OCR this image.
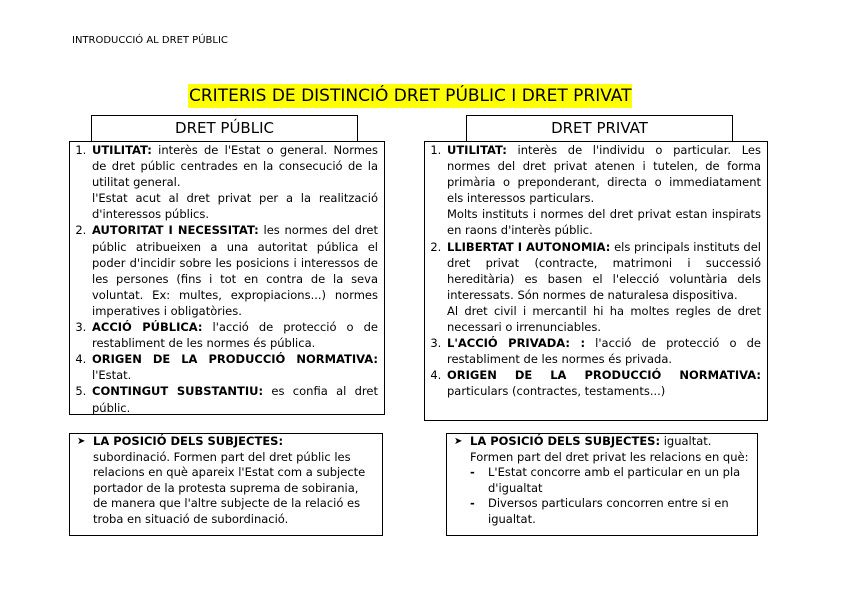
INTRODUCCIÓ AL DRET PÚBLIC
CRITERIS DE DISTINCIÓ DRET PÚBLIC I DRET PRIVAT
DRET PÚBLIC
1. UTILITAT: interès de l'Estat o general. Normes de dret públic centrades en la consecució de la utilitat general.

l'Estat acut al dret privat per a la realització d'interessos públics.

2. AUTORITAT I NECESSITAT: les normes del dret públic atribueixen a una autoritat pública el poder d'incidir sobre les posicions i interessos de les persones (fins i tot en contra de la seva voluntat. Ex: multes, expropiacions...) normes imperatives i obligatòries.
3. ACCIÓ PÚBLICA: l'acció de protecció o de restabliment de les normes és pública.
4. ORIGEN DE LA PRODUCCIÓ NORMATIVA: l'Estat.
5. CONTINGUT SUBSTANTIU: es confia al dret públic.
➤ LA POSICIÓ DELS SUBJECTES:
subordinació. Formen part del dret públic les relacions en què apareix l'Estat com a subjecte portador de la protesta suprema de sobirania, de manera que l'altre subjecte de la relació es troba en situació de subordinació.
DRET PRIVAT
1. UTILITAT: interès de l'individu o particular. Les normes del dret privat atenen i tutelen, de forma primària o preponderant, directa o immediatament els interessos particulars.

Molts instituts i normes del dret privat estan inspirats en raons d'interès públic.

2. LLIBERTAT I AUTONOMIA: els principals instituts del dret privat (contracte, matrimoni i successió hereditària) es basen el l'elecció voluntària dels interessats. Són normes de naturalesa dispositiva.

Al dret civil i mercantil hi ha moltes regles de dret necessari o irrenunciables.

3. L'ACCIÓ PRIVADA: : l'acció de protecció o de restabliment de les normes és privada.
4. ORIGEN DE LA PRODUCCIÓ NORMATIVA: particulars (contractes, testaments...)
➤ LA POSICIÓ DELS SUBJECTES: igualtat.
Formen part del dret privat les relacions en què:
- L'Estat concorre amb el particular en un pla d'igualtat
- Diversos particulars concorren entre si en igualtat.
